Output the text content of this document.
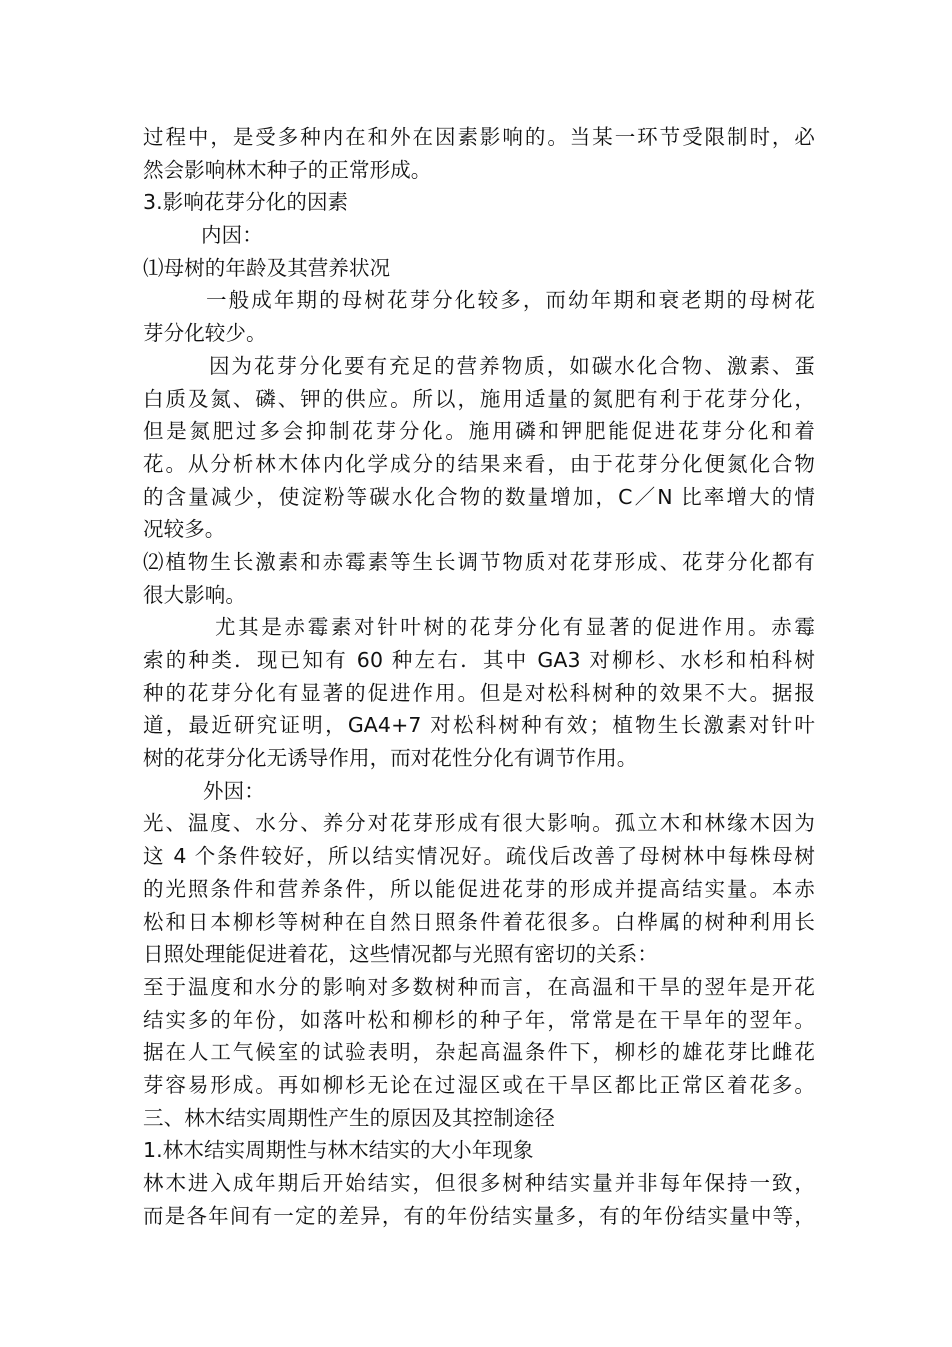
过程中，是受多种内在和外在因素影响的。当某一环节受限制时，必
然会影响林木种子的正常形成。
3.影响花芽分化的因素
内因：
⑴母树的年龄及其营养状况
一般成年期的母树花芽分化较多，而幼年期和衰老期的母树花
芽分化较少。
因为花芽分化要有充足的营养物质，如碳水化合物、激素、蛋
白质及氮、磷、钾的供应。所以，施用适量的氮肥有利于花芽分化，
但是氮肥过多会抑制花芽分化。施用磷和钾肥能促进花芽分化和着
花。从分析林木体内化学成分的结果来看，由于花芽分化便氮化合物
的含量减少，使淀粉等碳水化合物的数量增加，C／N 比率增大的情
况较多。
⑵植物生长激素和赤霉素等生长调节物质对花芽形成、花芽分化都有
很大影响。
尤其是赤霉素对针叶树的花芽分化有显著的促进作用。赤霉
索的种类．现已知有 60 种左右．其中 GA3 对柳杉、水杉和柏科树
种的花芽分化有显著的促进作用。但是对松科树种的效果不大。据报
道，最近研究证明，GA4+7 对松科树种有效；植物生长激素对针叶
树的花芽分化无诱导作用，而对花性分化有调节作用。
外因：
光、温度、水分、养分对花芽形成有很大影响。孤立木和林缘木因为
这 4 个条件较好，所以结实情况好。疏伐后改善了母树林中每株母树
的光照条件和营养条件，所以能促进花芽的形成并提高结实量。本赤
松和日本柳杉等树种在自然日照条件着花很多。白桦属的树种利用长
日照处理能促进着花，这些情况都与光照有密切的关系：
至于温度和水分的影响对多数树种而言，在高温和干旱的翌年是开花
结实多的年份，如落叶松和柳杉的种子年，常常是在干旱年的翌年。
据在人工气候室的试验表明，杂起高温条件下，柳杉的雄花芽比雌花
芽容易形成。再如柳杉无论在过湿区或在干旱区都比正常区着花多。
三、林木结实周期性产生的原因及其控制途径
1.林木结实周期性与林木结实的大小年现象
林木进入成年期后开始结实，但很多树种结实量并非每年保持一致，
而是各年间有一定的差异，有的年份结实量多，有的年份结实量中等，
